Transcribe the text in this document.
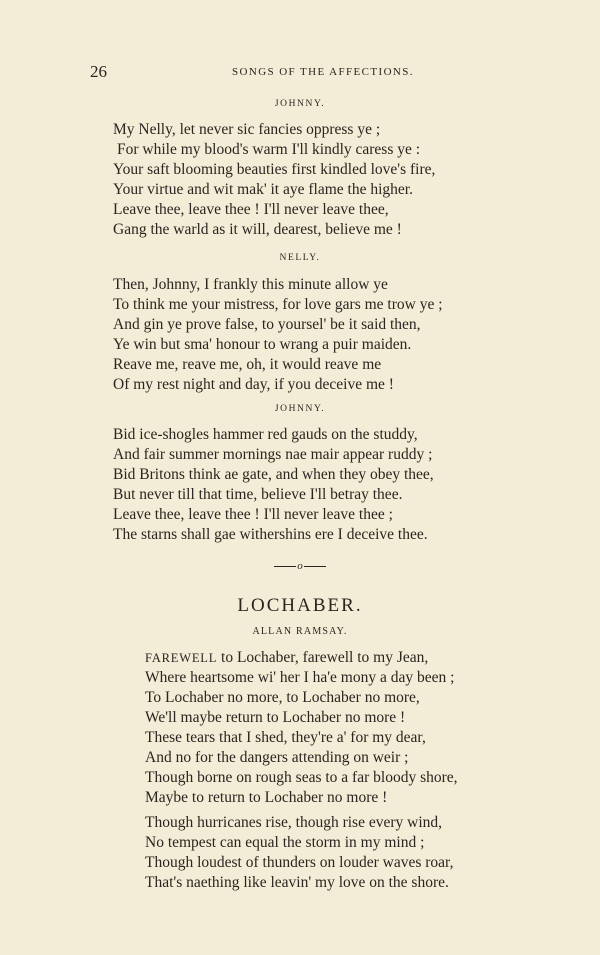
26	SONGS OF THE AFFECTIONS.
JOHNNY.
My Nelly, let never sic fancies oppress ye ;
For while my blood's warm I'll kindly caress ye :
Your saft blooming beauties first kindled love's fire,
Your virtue and wit mak' it aye flame the higher.
Leave thee, leave thee ! I'll never leave thee,
Gang the warld as it will, dearest, believe me !
NELLY.
Then, Johnny, I frankly this minute allow ye
To think me your mistress, for love gars me trow ye ;
And gin ye prove false, to yoursel' be it said then,
Ye win but sma' honour to wrang a puir maiden.
Reave me, reave me, oh, it would reave me
Of my rest night and day, if you deceive me !
JOHNNY.
Bid ice-shogles hammer red gauds on the studdy,
And fair summer mornings nae mair appear ruddy ;
Bid Britons think ae gate, and when they obey thee,
But never till that time, believe I'll betray thee.
Leave thee, leave thee ! I'll never leave thee ;
The starns shall gae withershins ere I deceive thee.
o
LOCHABER.
ALLAN RAMSAY.
FAREWELL to Lochaber, farewell to my Jean,
Where heartsome wi' her I ha'e mony a day been ;
To Lochaber no more, to Lochaber no more,
We'll maybe return to Lochaber no more !
These tears that I shed, they're a' for my dear,
And no for the dangers attending on weir ;
Though borne on rough seas to a far bloody shore,
Maybe to return to Lochaber no more !
Though hurricanes rise, though rise every wind,
No tempest can equal the storm in my mind ;
Though loudest of thunders on louder waves roar,
That's naething like leavin' my love on the shore.
